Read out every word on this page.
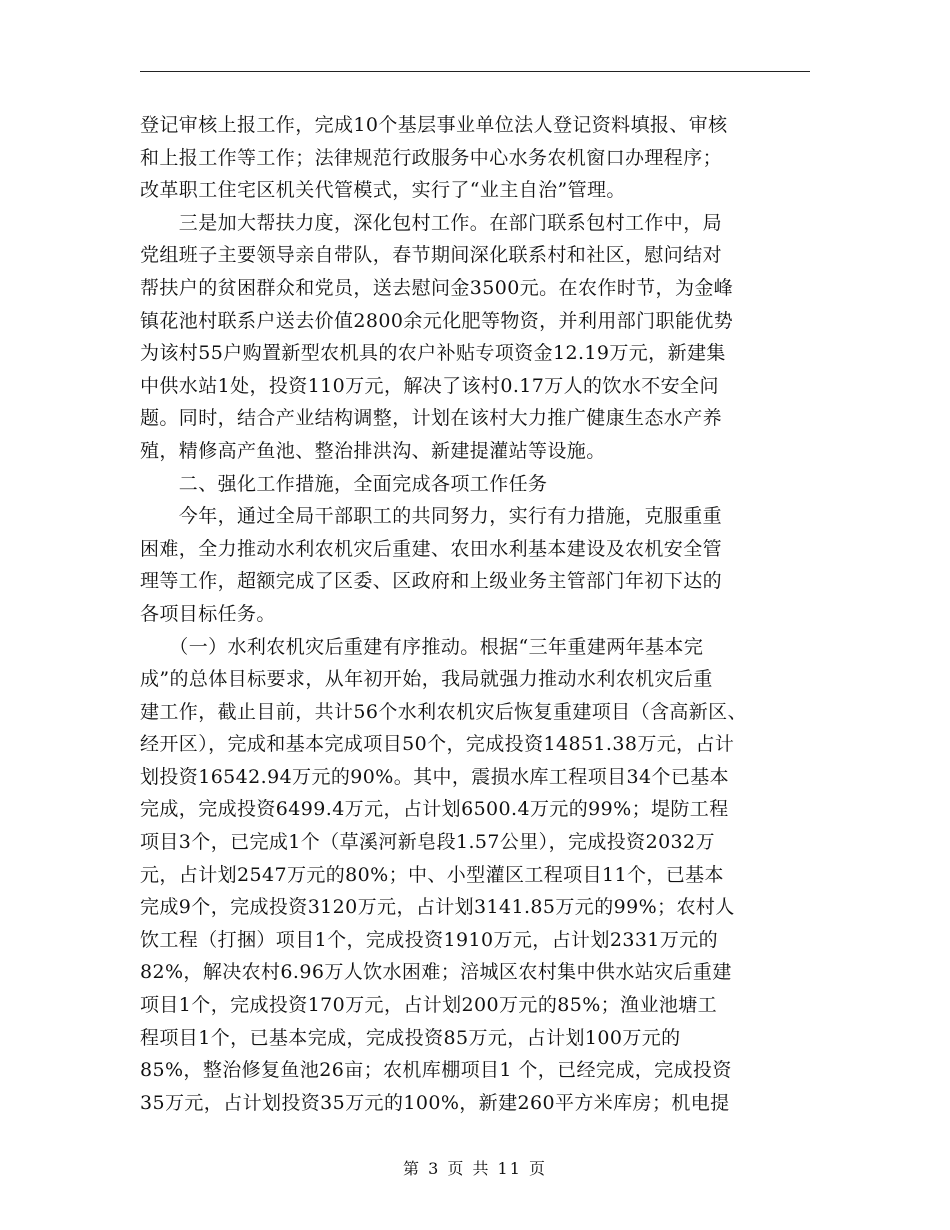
登记审核上报工作，完成10个基层事业单位法人登记资料填报、审核
和上报工作等工作；法律规范行政服务中心水务农机窗口办理程序；
改革职工住宅区机关代管模式，实行了“业主自治”管理。
　　三是加大帮扶力度，深化包村工作。在部门联系包村工作中，局
党组班子主要领导亲自带队，春节期间深化联系村和社区，慰问结对
帮扶户的贫困群众和党员，送去慰问金3500元。在农作时节，为金峰
镇花池村联系户送去价值2800余元化肥等物资，并利用部门职能优势
为该村55户购置新型农机具的农户补贴专项资金12.19万元，新建集
中供水站1处，投资110万元，解决了该村0.17万人的饮水不安全问
题。同时，结合产业结构调整，计划在该村大力推广健康生态水产养
殖，精修高产鱼池、整治排洪沟、新建提灌站等设施。
　　二、强化工作措施，全面完成各项工作任务
　　今年，通过全局干部职工的共同努力，实行有力措施，克服重重
困难，全力推动水利农机灾后重建、农田水利基本建设及农机安全管
理等工作，超额完成了区委、区政府和上级业务主管部门年初下达的
各项目标任务。
　　（一）水利农机灾后重建有序推动。根据“三年重建两年基本完
成”的总体目标要求，从年初开始，我局就强力推动水利农机灾后重
建工作，截止目前，共计56个水利农机灾后恢复重建项目（含高新区、
经开区），完成和基本完成项目50个，完成投资14851.38万元，占计
划投资16542.94万元的90%。其中，震损水库工程项目34个已基本
完成，完成投资6499.4万元，占计划6500.4万元的99%；堤防工程
项目3个，已完成1个（草溪河新皂段1.57公里），完成投资2032万
元，占计划2547万元的80%；中、小型灌区工程项目11个，已基本
完成9个，完成投资3120万元，占计划3141.85万元的99%；农村人
饮工程（打捆）项目1个，完成投资1910万元，占计划2331万元的
82%，解决农村6.96万人饮水困难；涪城区农村集中供水站灾后重建
项目1个，完成投资170万元，占计划200万元的85%；渔业池塘工
程项目1个，已基本完成，完成投资85万元，占计划100万元的
85%，整治修复鱼池26亩；农机库棚项目1 个，已经完成，完成投资
35万元，占计划投资35万元的100%，新建260平方米库房；机电提
第 3 页 共 11 页
